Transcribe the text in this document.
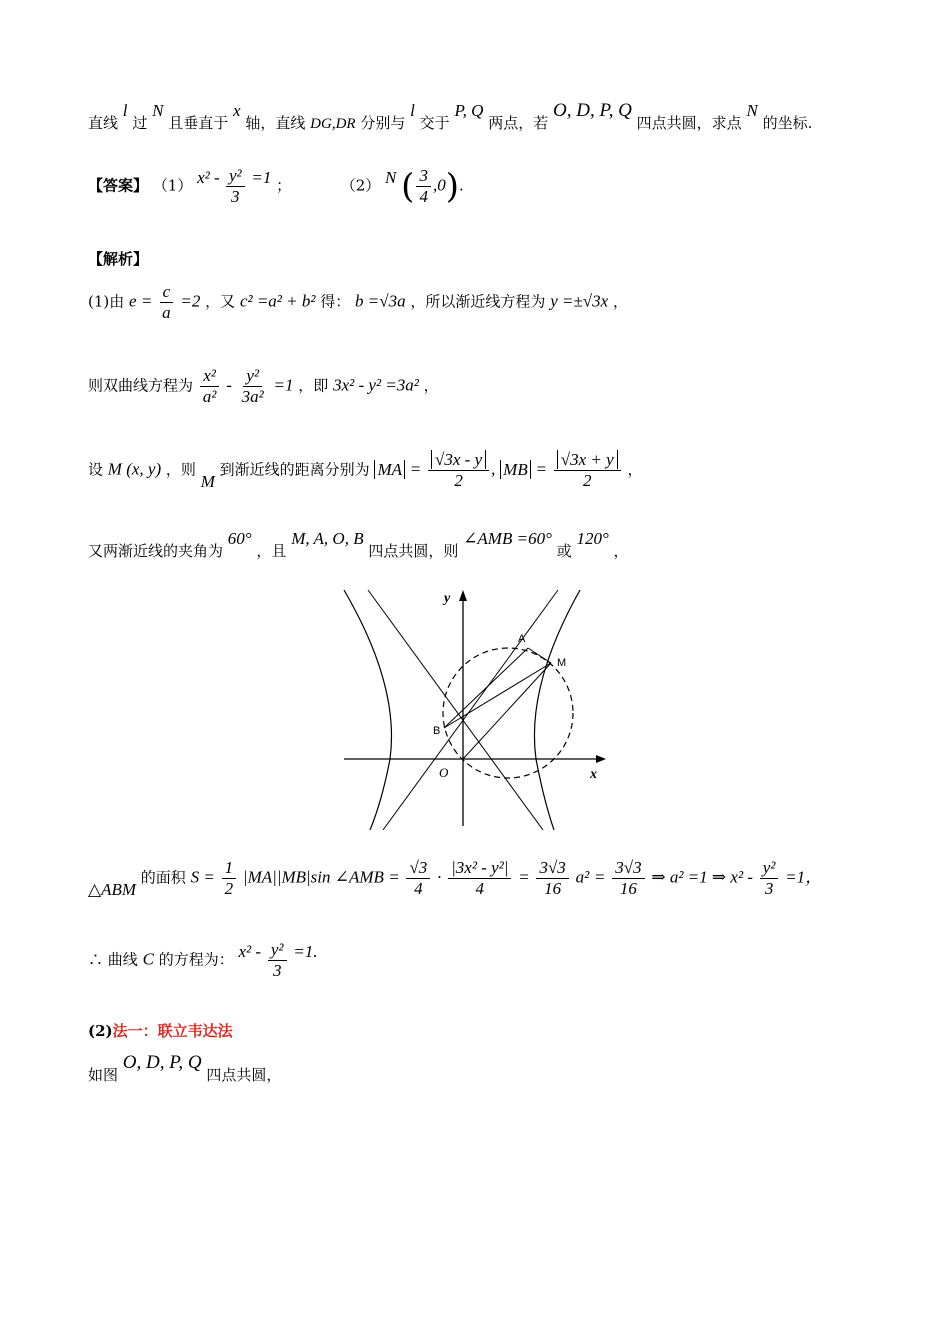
直线 l 过 N 且垂直于 x 轴，直线 DG,DR 分别与 l 交于 P, Q 两点，若 O, D, P, Q 四点共圆，求点 N 的坐标.
【答案】 （1） $x^2 - \frac{\text{y²}}{3} =1$ ；	（2） N ( $\frac{3}{4} ,0$).
【解析】
(1)由 $e = \frac{c}{a} =2$ ，又 c² =a² + b² 得： b =√3a ，所以渐近线方程为 y =±√3x ，
则双曲线方程为 $\frac{\text{x²}}{\text{a²}} - \frac{\text{y²}}{\text{3a²}} =1$ ，即 3x² - y² =3a² ，
设 M (x, y) ，则 M 到渐近线的距离分别为 MA = $\frac{√3x - y}{2}$ , MB = $\frac{√3x + y}{2}$ ，
又两渐近线的夹角为 60° ，且 M, A, O, B 四点共圆，则 ∠AMB =60° 或 120° ，
y
x
O
A
M
B
△ABM 的面积 $S = \frac{1}{2} |MA||MB|\sin$ ∠AMB = $\frac{√3}{4} \cdot \frac{\text{|3x² - y²|}}{4} = \frac{3√3}{16} a^2 = \frac{3√3}{16}$ ⇒ a² =1 ⇒ $x^2 - \frac{\text{y²}}{3} =1$，
∴ 曲线 C 的方程为： $x^2 - \frac{\text{y²}}{3} =1$.
(2)法一：联立韦达法
如图 O, D, P, Q 四点共圆，
